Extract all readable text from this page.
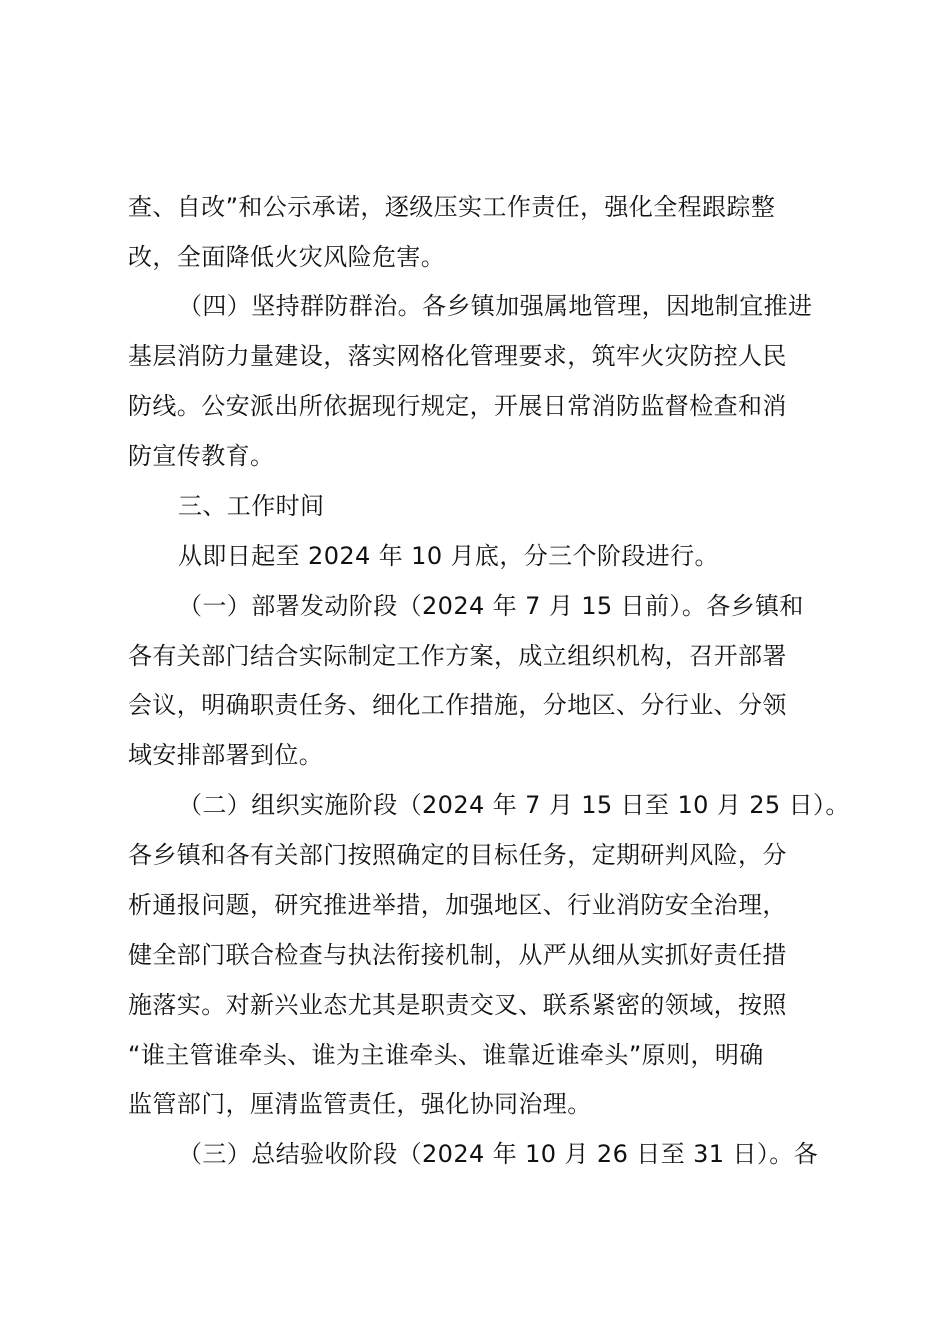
查、自改”和公示承诺，逐级压实工作责任，强化全程跟踪整
改，全面降低火灾风险危害。
（四）坚持群防群治。各乡镇加强属地管理，因地制宜推进
基层消防力量建设，落实网格化管理要求，筑牢火灾防控人民
防线。公安派出所依据现行规定，开展日常消防监督检查和消
防宣传教育。
三、工作时间
从即日起至 2024 年 10 月底，分三个阶段进行。
（一）部署发动阶段（2024 年 7 月 15 日前）。各乡镇和
各有关部门结合实际制定工作方案，成立组织机构，召开部署
会议，明确职责任务、细化工作措施，分地区、分行业、分领
域安排部署到位。
（二）组织实施阶段（2024 年 7 月 15 日至 10 月 25 日）。
各乡镇和各有关部门按照确定的目标任务，定期研判风险，分
析通报问题，研究推进举措，加强地区、行业消防安全治理，
健全部门联合检查与执法衔接机制，从严从细从实抓好责任措
施落实。对新兴业态尤其是职责交叉、联系紧密的领域，按照
“谁主管谁牵头、谁为主谁牵头、谁靠近谁牵头”原则，明确
监管部门，厘清监管责任，强化协同治理。
（三）总结验收阶段（2024 年 10 月 26 日至 31 日）。各
